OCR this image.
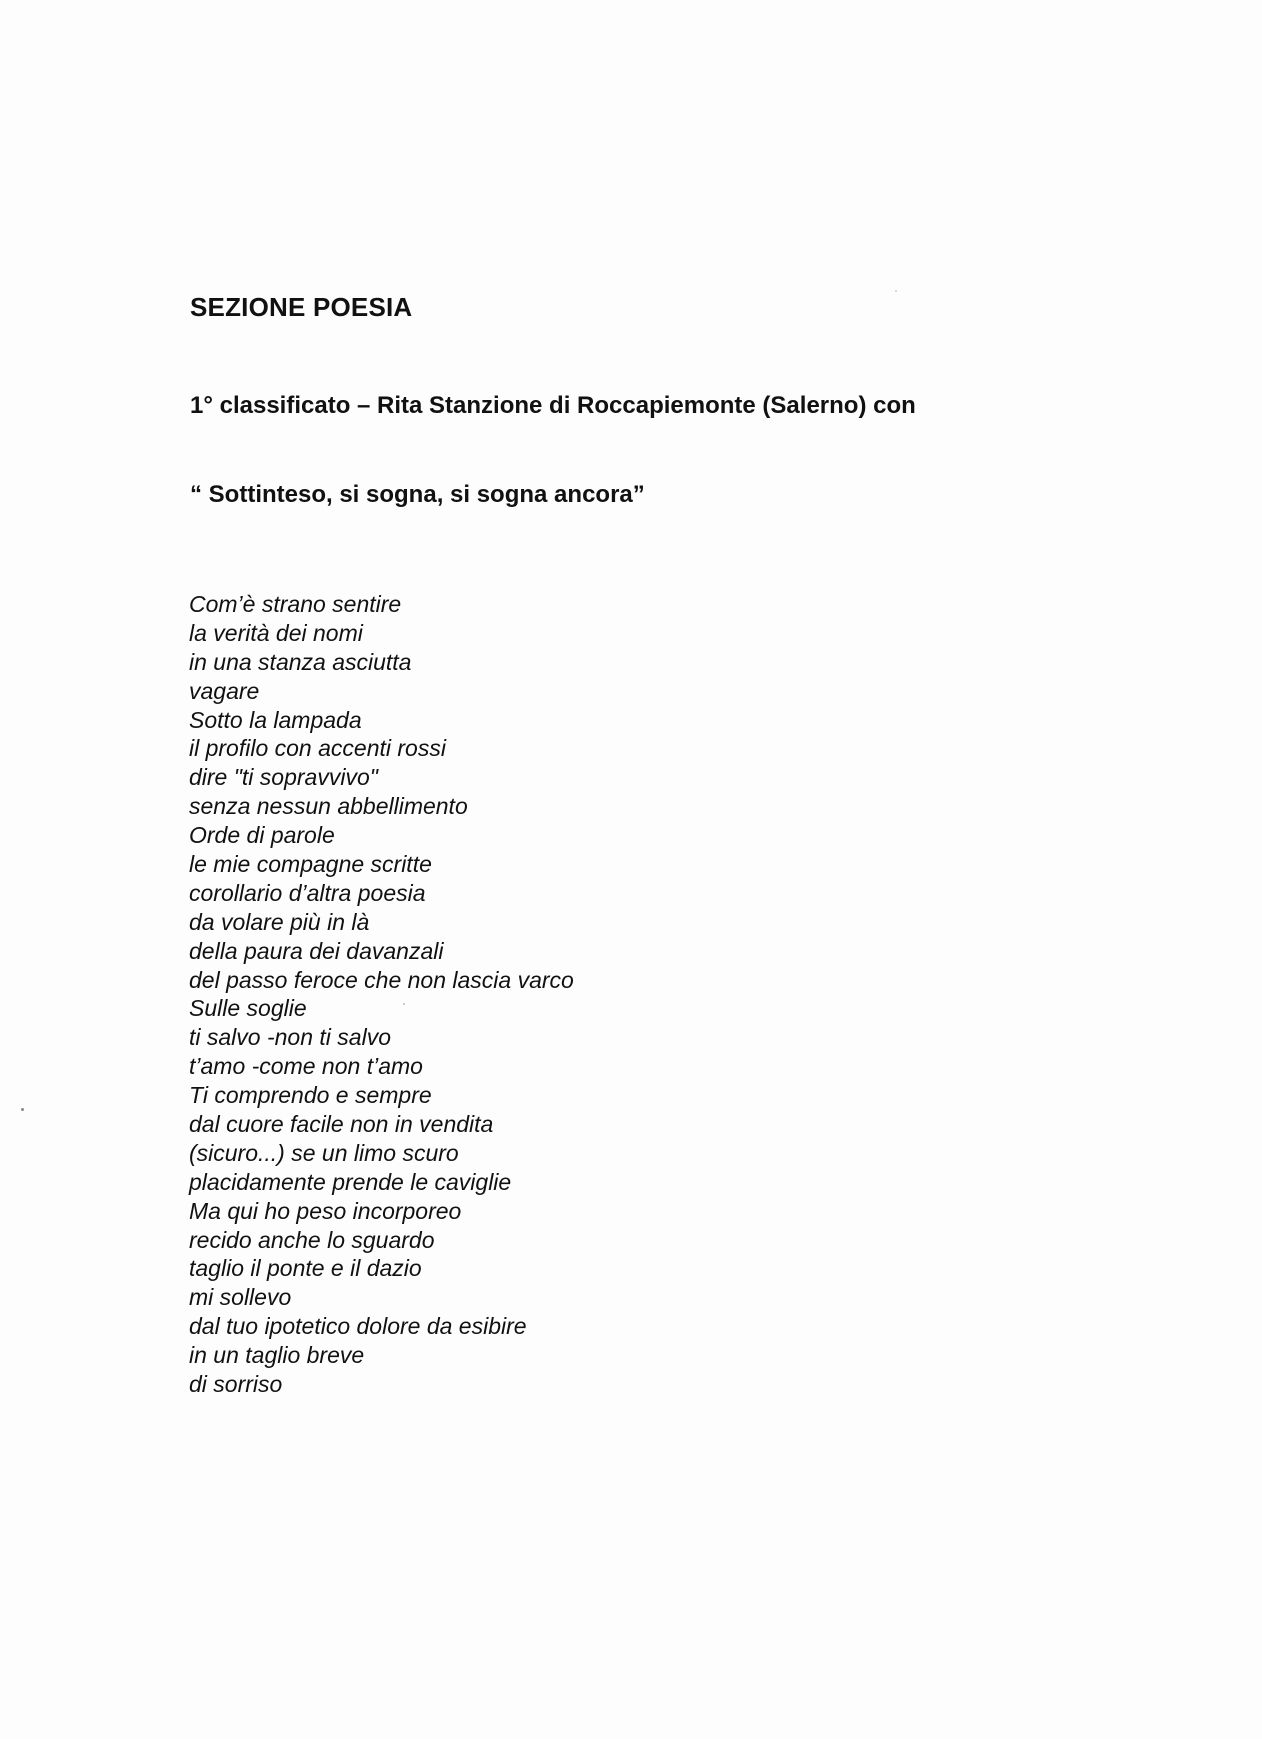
SEZIONE POESIA

1° classificato – Rita Stanzione di Roccapiemonte (Salerno) con

“ Sottinteso, si sogna, si sogna ancora”

Com’è strano sentire
la verità dei nomi
in una stanza asciutta
vagare
Sotto la lampada
il profilo con accenti rossi
dire "ti sopravvivo"
senza nessun abbellimento
Orde di parole
le mie compagne scritte
corollario d’altra poesia
da volare più in là
della paura dei davanzali
del passo feroce che non lascia varco
Sulle soglie
ti salvo -non ti salvo
t’amo -come non t’amo
Ti comprendo e sempre
dal cuore facile non in vendita
(sicuro...) se un limo scuro
placidamente prende le caviglie
Ma qui ho peso incorporeo
recido anche lo sguardo
taglio il ponte e il dazio
mi sollevo
dal tuo ipotetico dolore da esibire
in un taglio breve
di sorriso
